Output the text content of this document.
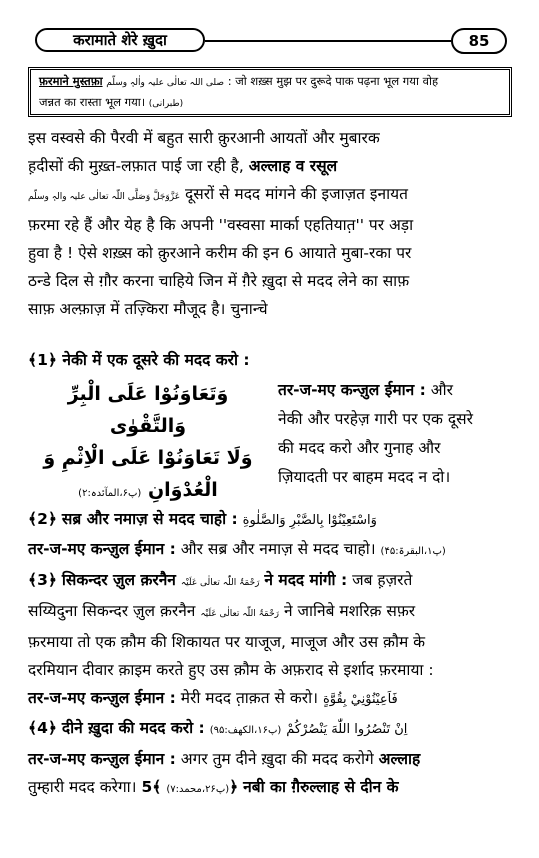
करामाते शेरे ख़ुदा	85
फ़रमाने मुस्तफ़ा صلی اللہ تعالٰی علیہ واٰلہٖ وسلّم : जो शख़्स मुझ पर दुरूदे पाक पढ़ना भूल गया वोह
जन्नत का रास्ता भूल गया। (طبرانی)

इस वस्वसे की पैरवी में बहुत सारी क़ुरआनी आयतों और मुबारक

ह़दीसों की मुख़्त-लफ़ात पाई जा रही है, अल्लाह व रसूल

عَزَّوَجَلَّ وَصَلَّی اللّٰہ تعالٰی علیہ والہٖ وسلّم दूसरों से मदद मांगने की इजाज़त इनायत

फ़रमा रहे हैं और येह है कि अपनी ''वस्वसा मार्का एहतियात़'' पर अड़ा

हुवा है ! ऐसे शख़्स को क़ुरआने करीम की इन 6 आयाते मुबा-रका पर

ठन्डे दिल से ग़ौर करना चाहिये जिन में ग़ैरे ख़ुदा से मदद लेने का साफ़

साफ़ अल्फ़ाज़ में तज़्किरा मौजूद है। चुनान्चे

﴾1﴿ नेकी में एक दूसरे की मदद करो :

وَتَعَاوَنُوْا عَلَى الْبِرِّ وَالتَّقْوٰى
وَلَا تَعَاوَنُوْا عَلَى الْاِثْمِ وَ
الْعُدْوَانِ (پ۶،المآئدہ:۲)

तर-ज-मए कन्ज़ुल ईमान : और

नेकी और परहेज़ गारी पर एक दूसरे

की मदद करो और गुनाह और

ज़ियादती पर बाहम मदद न दो।

﴾2﴿ सब्र और नमाज़ से मदद चाहो : وَاسْتَعِيْنُوْا بِالصَّبْرِ وَالصَّلٰوةِ

तर-ज-मए कन्ज़ुल ईमान : और सब्र और नमाज़ से मदद चाहो। (پ۱،البقرۃ:۴۵)

﴾3﴿ सिकन्दर ज़ुल क़रनैन رَحْمَۃُ اللّٰہ تعالٰی عَلَیْہ ने मदद मांगी : जब ह़ज़रते

सय्यिदुना सिकन्दर ज़ुल क़रनैन رَحْمَۃُ اللّٰہ تعالٰی عَلَیْہ ने जानिबे मशरिक़ सफ़र

फ़रमाया तो एक क़ौम की शिकायत पर याजूज, माजूज और उस क़ौम के

दरमियान दीवार क़ाइम करते हुए उस क़ौम के अफ़राद से इर्शाद फ़रमाया :

तर-ज-मए कन्ज़ुल ईमान : मेरी मदद त़ाक़त से करो। فَاَعِيْنُوْنِيْ بِقُوَّةٍ

﴾4﴿ दीने ख़ुदा की मदद करो :	اِنْ تَنْصُرُوا اللّٰهَ يَنْصُرْكُمْ (پ۱۶،الکھف:۹۵)

तर-ज-मए कन्ज़ुल ईमान : अगर तुम दीने ख़ुदा की मदद करोगे अल्लाह

तुम्हारी मदद करेगा।	(پ۲۶،محمد:۷) ﴾5﴿ नबी का ग़ैरुल्लाह से दीन के
